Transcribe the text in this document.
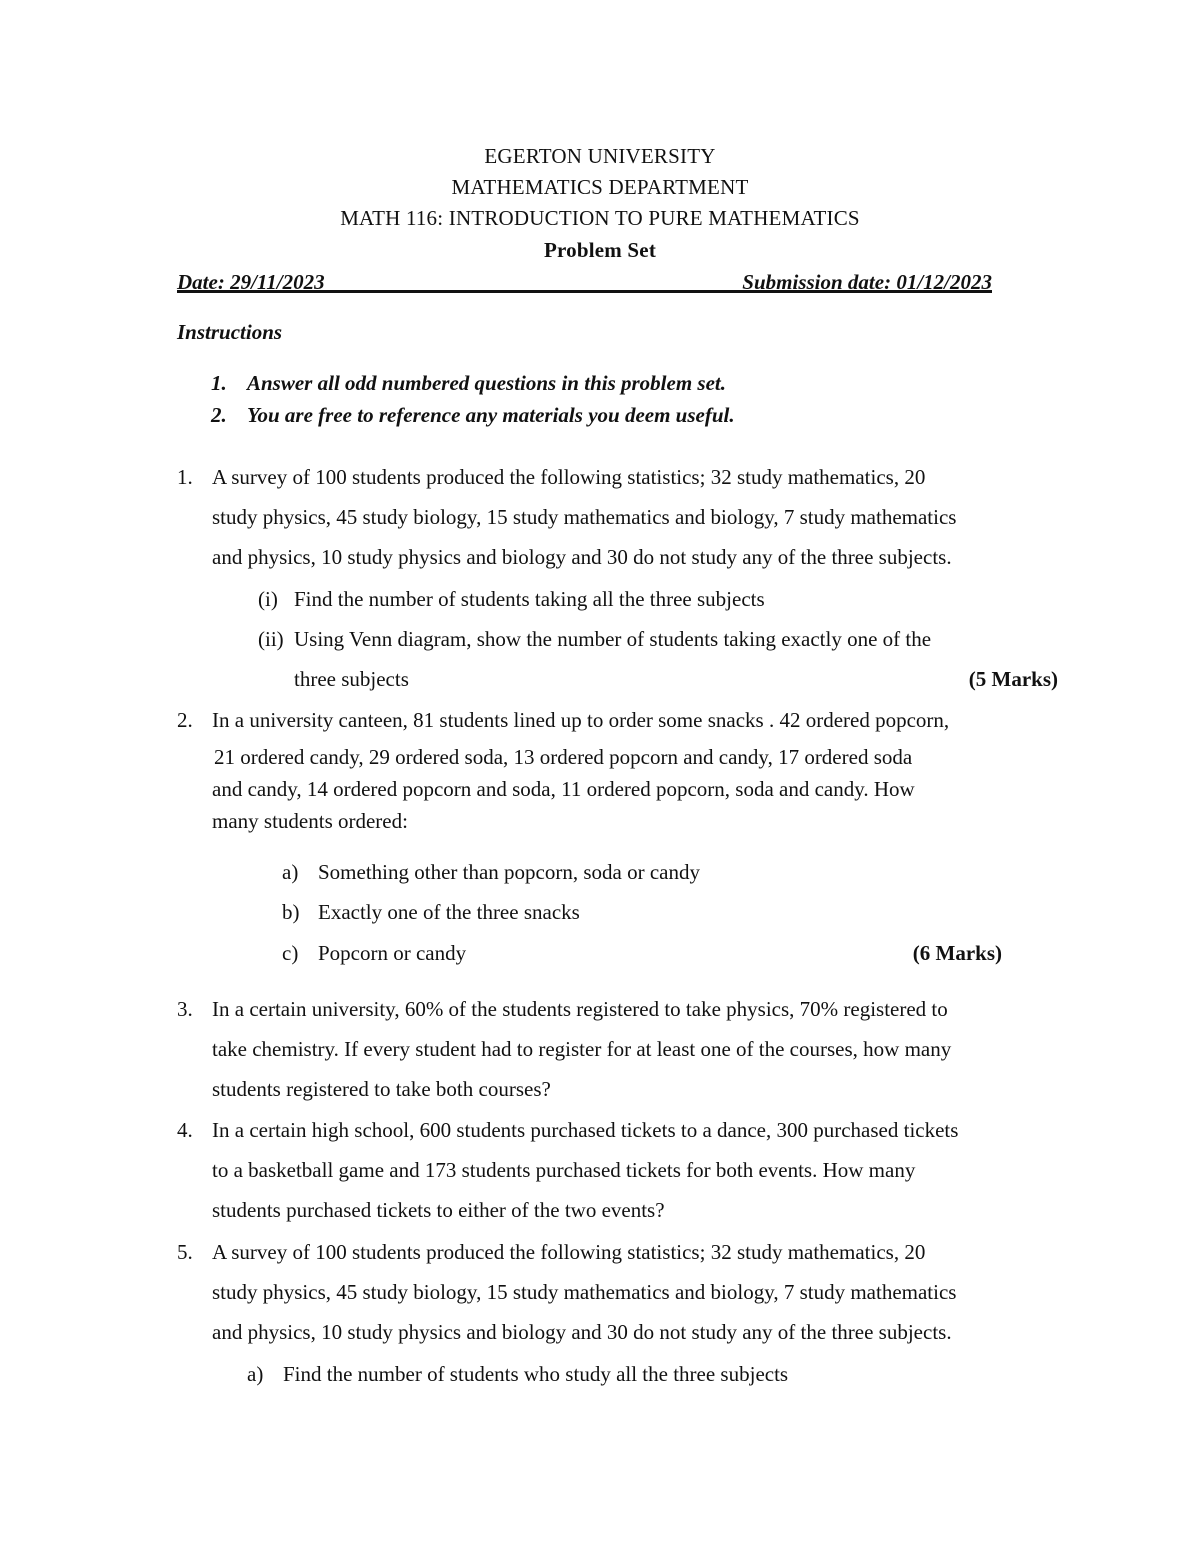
EGERTON UNIVERSITY
MATHEMATICS DEPARTMENT
MATH 116: INTRODUCTION TO PURE MATHEMATICS
Problem Set
Date: 29/11/2023	Submission date: 01/12/2023
Instructions
1. Answer all odd numbered questions in this problem set.
2. You are free to reference any materials you deem useful.
1. A survey of 100 students produced the following statistics; 32 study mathematics, 20
study physics, 45 study biology, 15 study mathematics and biology, 7 study mathematics
and physics, 10 study physics and biology and 30 do not study any of the three subjects.
(i) Find the number of students taking all the three subjects
(ii) Using Venn diagram, show the number of students taking exactly one of the
three subjects	(5 Marks)
2. In a university canteen, 81 students lined up to order some snacks . 42 ordered popcorn,
21 ordered candy, 29 ordered soda, 13 ordered popcorn and candy, 17 ordered soda
and candy, 14 ordered popcorn and soda, 11 ordered popcorn, soda and candy. How
many students ordered:
a) Something other than popcorn, soda or candy
b) Exactly one of the three snacks
c) Popcorn or candy	(6 Marks)
3. In a certain university, 60% of the students registered to take physics, 70% registered to
take chemistry. If every student had to register for at least one of the courses, how many
students registered to take both courses?
4. In a certain high school, 600 students purchased tickets to a dance, 300 purchased tickets
to a basketball game and 173 students purchased tickets for both events. How many
students purchased tickets to either of the two events?
5. A survey of 100 students produced the following statistics; 32 study mathematics, 20
study physics, 45 study biology, 15 study mathematics and biology, 7 study mathematics
and physics, 10 study physics and biology and 30 do not study any of the three subjects.
a) Find the number of students who study all the three subjects
